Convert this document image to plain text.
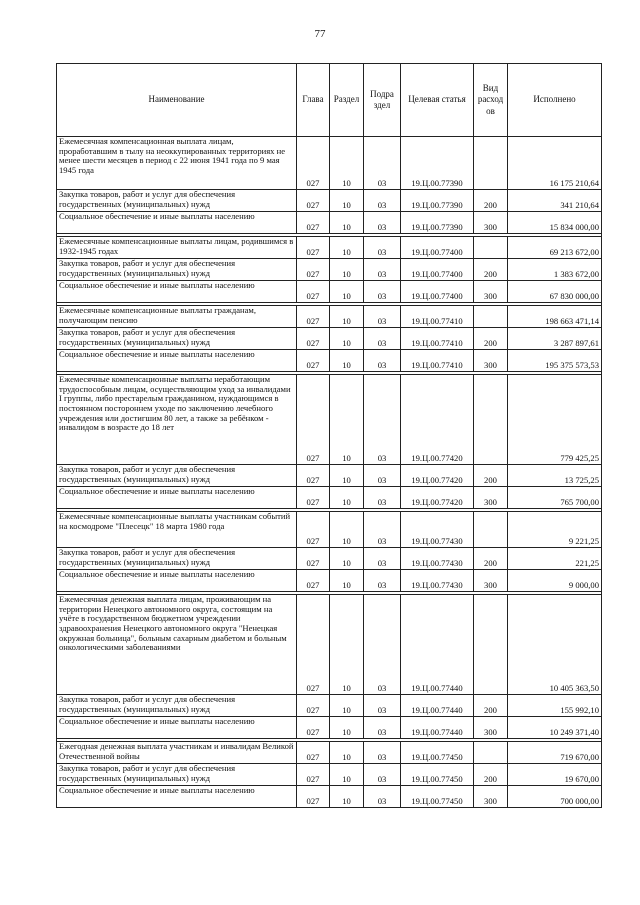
77
Наименование	Глава	Раздел	Подра здел	Целевая статья	Вид расход ов	Исполнено
Ежемесячная компенсационная выплата лицам, проработавшим в тылу на неоккупированных территориях не менее шести месяцев в период с 22 июня 1941 года по 9 мая 1945 года	027	10	03	19.Ц.00.77390		16 175 210,64
Закупка товаров, работ и услуг для обеспечения государственных (муниципальных) нужд	027	10	03	19.Ц.00.77390	200	341 210,64
Социальное обеспечение и иные выплаты населению	027	10	03	19.Ц.00.77390	300	15 834 000,00

Ежемесячные компенсационные выплаты лицам, родившимся в 1932-1945 годах	027	10	03	19.Ц.00.77400		69 213 672,00
Закупка товаров, работ и услуг для обеспечения государственных (муниципальных) нужд	027	10	03	19.Ц.00.77400	200	1 383 672,00
Социальное обеспечение и иные выплаты населению	027	10	03	19.Ц.00.77400	300	67 830 000,00

Ежемесячные компенсационные выплаты гражданам, получающим пенсию	027	10	03	19.Ц.00.77410		198 663 471,14
Закупка товаров, работ и услуг для обеспечения государственных (муниципальных) нужд	027	10	03	19.Ц.00.77410	200	3 287 897,61
Социальное обеспечение и иные выплаты населению	027	10	03	19.Ц.00.77410	300	195 375 573,53

Ежемесячные компенсационные выплаты неработающим трудоспособным лицам, осуществляющим уход за инвалидами I группы, либо престарелым гражданином, нуждающимся в постоянном постороннем уходе по заключению лечебного учреждения или достигшим 80 лет, а также за ребёнком - инвалидом в возрасте до 18 лет	027	10	03	19.Ц.00.77420		779 425,25
Закупка товаров, работ и услуг для обеспечения государственных (муниципальных) нужд	027	10	03	19.Ц.00.77420	200	13 725,25
Социальное обеспечение и иные выплаты населению	027	10	03	19.Ц.00.77420	300	765 700,00

Ежемесячные компенсационные выплаты участникам событий на космодроме "Плесецк" 18 марта 1980 года	027	10	03	19.Ц.00.77430		9 221,25
Закупка товаров, работ и услуг для обеспечения государственных (муниципальных) нужд	027	10	03	19.Ц.00.77430	200	221,25
Социальное обеспечение и иные выплаты населению	027	10	03	19.Ц.00.77430	300	9 000,00

Ежемесячная денежная выплата лицам, проживающим на территории Ненецкого автономного округа, состоящим на учёте в государственном бюджетном учреждении здравоохранения Ненецкого автономного округа "Ненецкая окружная больница", больным сахарным диабетом и больным онкологическими заболеваниями	027	10	03	19.Ц.00.77440		10 405 363,50
Закупка товаров, работ и услуг для обеспечения государственных (муниципальных) нужд	027	10	03	19.Ц.00.77440	200	155 992,10
Социальное обеспечение и иные выплаты населению	027	10	03	19.Ц.00.77440	300	10 249 371,40

Ежегодная денежная выплата участникам и инвалидам Великой Отечественной войны	027	10	03	19.Ц.00.77450		719 670,00
Закупка товаров, работ и услуг для обеспечения государственных (муниципальных) нужд	027	10	03	19.Ц.00.77450	200	19 670,00
Социальное обеспечение и иные выплаты населению	027	10	03	19.Ц.00.77450	300	700 000,00
